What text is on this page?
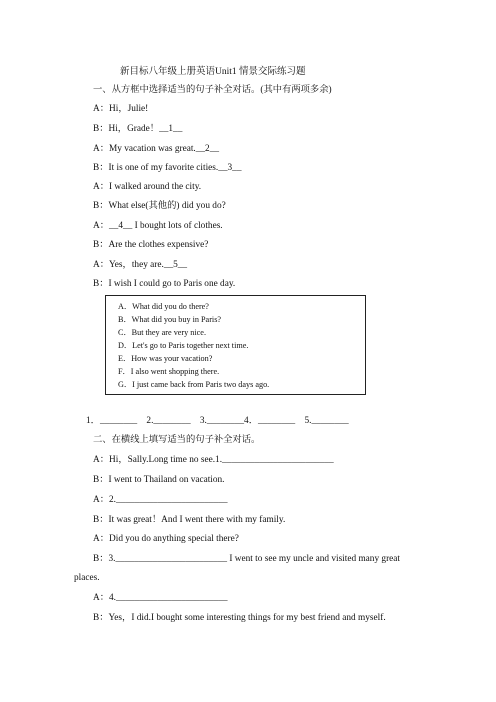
新目标八年级上册英语Unit1 情景交际练习题
一、从方框中选择适当的句子补全对话。(其中有两项多余)
A：Hi，Julie!
B：Hi，Grade！__1__
A：My vacation was great.__2__
B：It is one of my favorite cities.__3__
A：I walked around the city.
B：What else(其他的) did you do?
A：__4__ I bought lots of clothes.
B：Are the clothes expensive?
A：Yes，they are.__5__
B：I wish I could go to Paris one day.
A．What did you do there?
B．What did you buy in Paris?
C．But they are very nice.
D．Let's go to Paris together next time.
E．How was your vacation?
F．I also went shopping there.
G．I just came back from Paris two days ago.
1．________    2.________    3.________4．________    5.________
二、在横线上填写适当的句子补全对话。
A：Hi，Sally.Long time no see.1.________________________
B：I went to Thailand on vacation.
A：2.________________________
B：It was great！And I went there with my family.
A：Did you do anything special there?
B：3.________________________ I went to see my uncle and visited many great
places.
A：4.________________________
B：Yes，I did.I bought some interesting things for my best friend and myself.
